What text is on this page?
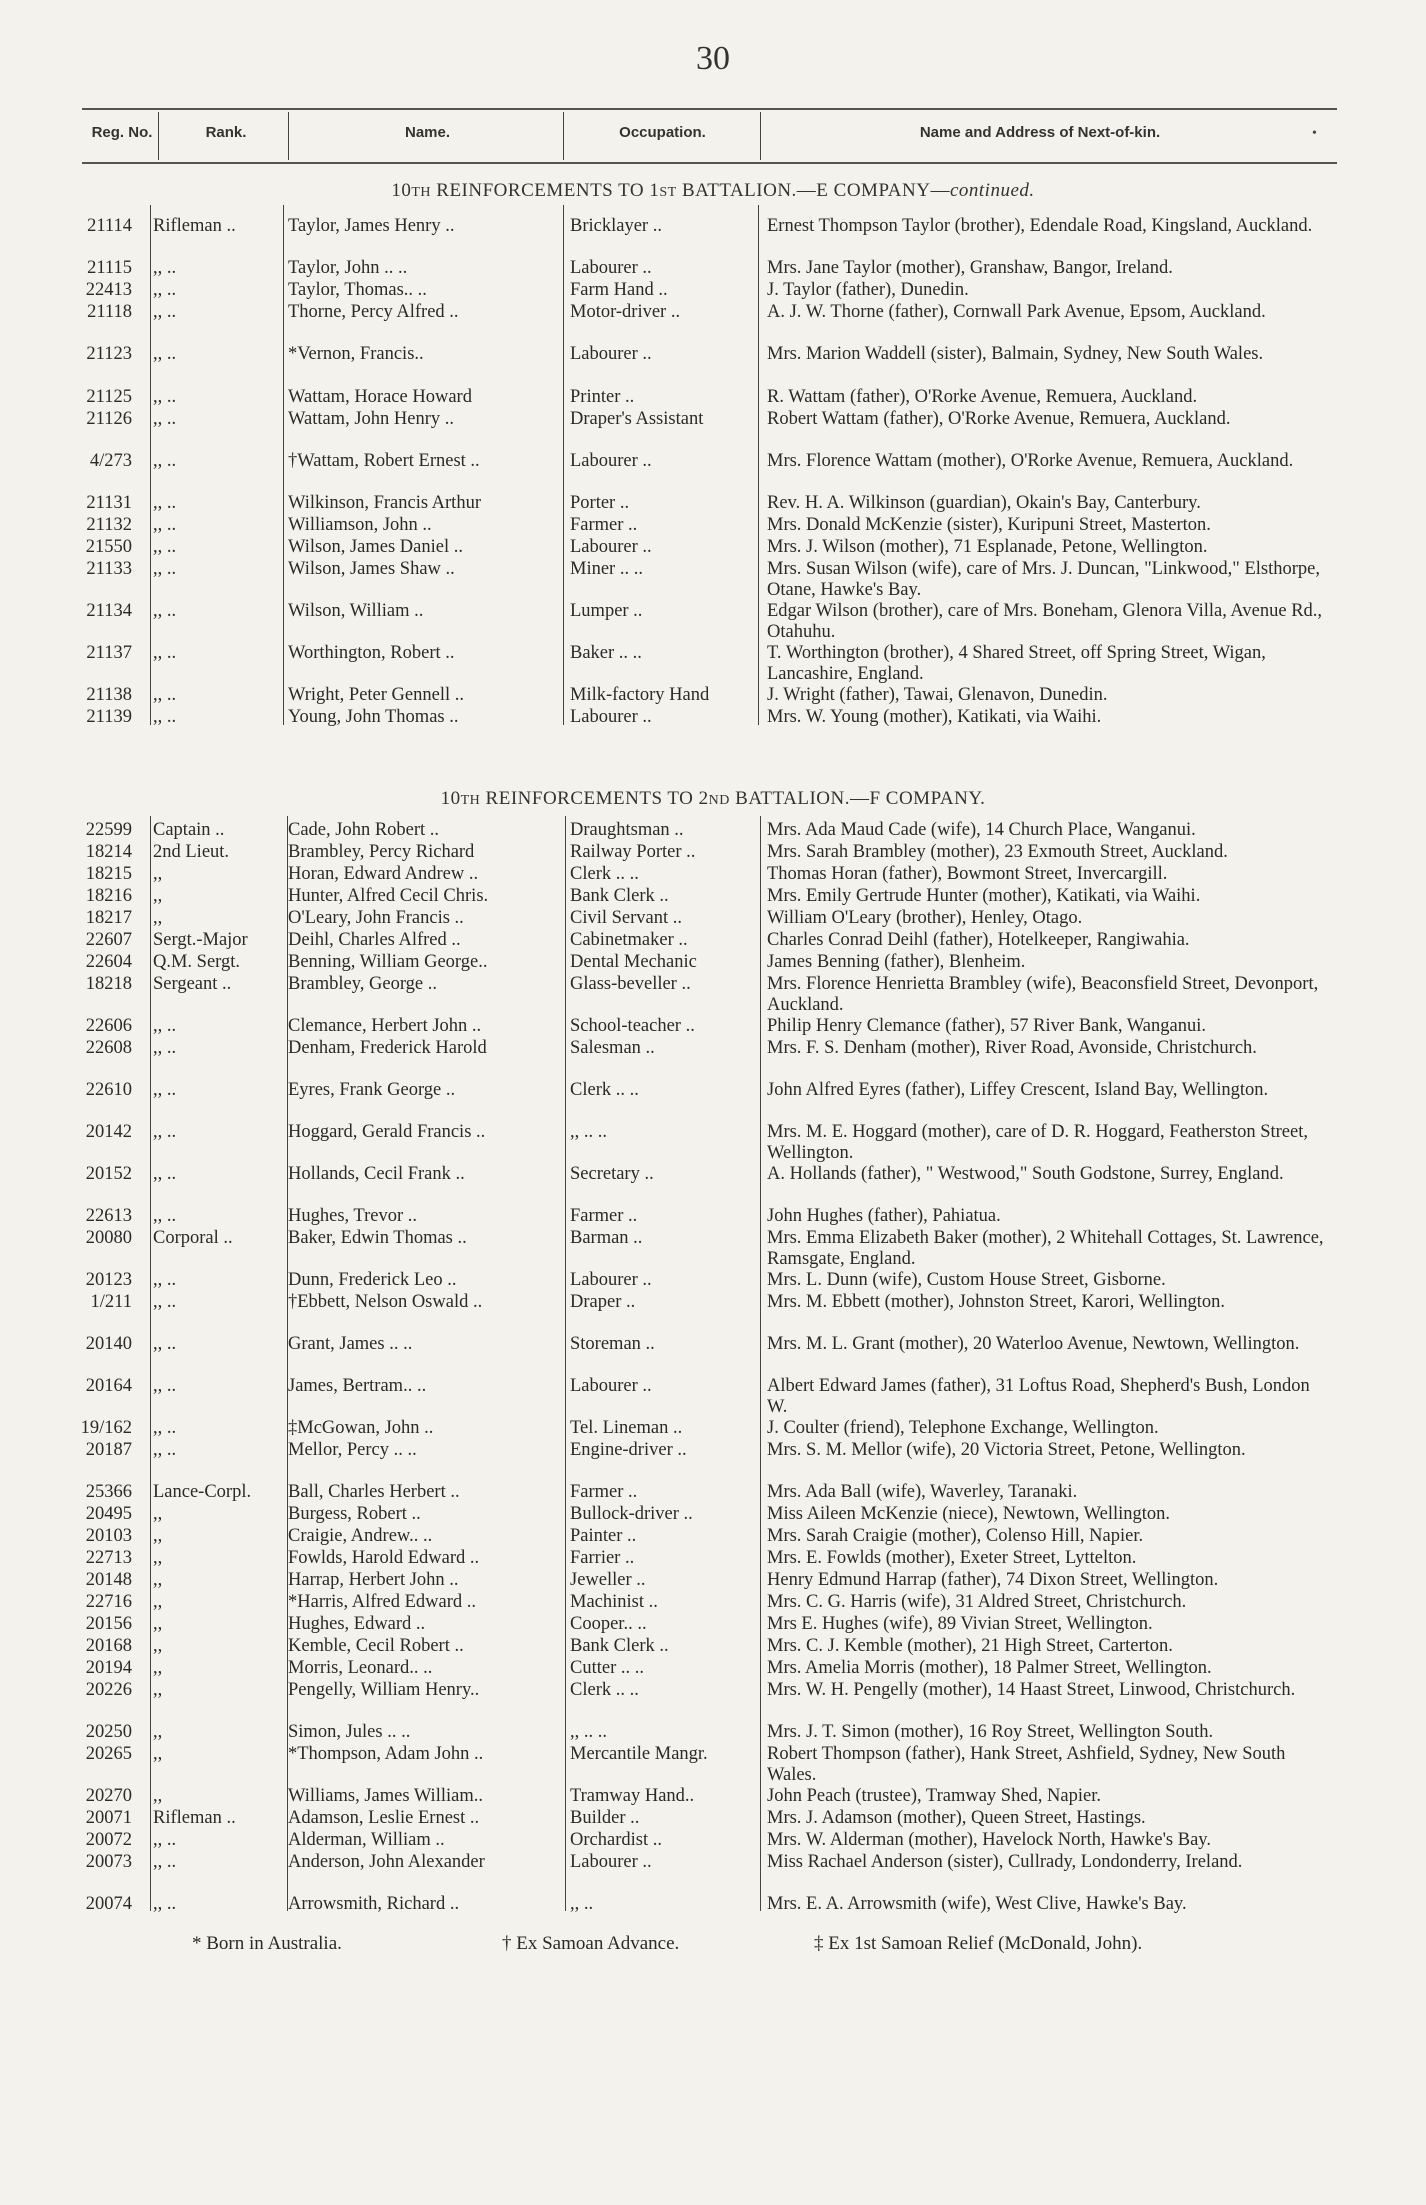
30
Reg. No.	Rank.	Name.	Occupation.	Name and Address of Next-of-kin.	•
10TH REINFORCEMENTS TO 1ST BATTALION.—E COMPANY—continued.
21114 Rifleman ..	Taylor, James Henry ..	Bricklayer ..	Ernest Thompson Taylor (brother), Edendale Road, Kingsland, Auckland.
21115 ,, ..	Taylor, John .. ..	Labourer ..	Mrs. Jane Taylor (mother), Granshaw, Bangor, Ireland.
22413 ,, ..	Taylor, Thomas.. ..	Farm Hand ..	J. Taylor (father), Dunedin.
21118 ,, ..	Thorne, Percy Alfred ..	Motor-driver ..	A. J. W. Thorne (father), Cornwall Park Avenue, Epsom, Auckland.
21123 ,, ..	*Vernon, Francis..	Labourer ..	Mrs. Marion Waddell (sister), Balmain, Sydney, New South Wales.
21125 ,, ..	Wattam, Horace Howard	Printer ..	R. Wattam (father), O'Rorke Avenue, Remuera, Auckland.
21126 ,, ..	Wattam, John Henry ..	Draper's Assistant	Robert Wattam (father), O'Rorke Avenue, Remuera, Auckland.
4/273 ,, ..	†Wattam, Robert Ernest ..	Labourer ..	Mrs. Florence Wattam (mother), O'Rorke Avenue, Remuera, Auckland.
21131 ,, ..	Wilkinson, Francis Arthur	Porter ..	Rev. H. A. Wilkinson (guardian), Okain's Bay, Canterbury.
21132 ,, ..	Williamson, John ..	Farmer ..	Mrs. Donald McKenzie (sister), Kuripuni Street, Masterton.
21550 ,, ..	Wilson, James Daniel ..	Labourer ..	Mrs. J. Wilson (mother), 71 Esplanade, Petone, Wellington.
21133 ,, ..	Wilson, James Shaw ..	Miner .. ..	Mrs. Susan Wilson (wife), care of Mrs. J. Duncan, "Linkwood," Elsthorpe, Otane, Hawke's Bay.
21134 ,, ..	Wilson, William ..	Lumper ..	Edgar Wilson (brother), care of Mrs. Boneham, Glenora Villa, Avenue Rd., Otahuhu.
21137 ,, ..	Worthington, Robert ..	Baker .. ..	T. Worthington (brother), 4 Shared Street, off Spring Street, Wigan, Lancashire, England.
21138 ,, ..	Wright, Peter Gennell ..	Milk-factory Hand	J. Wright (father), Tawai, Glenavon, Dunedin.
21139 ,, ..	Young, John Thomas ..	Labourer ..	Mrs. W. Young (mother), Katikati, via Waihi.
10TH REINFORCEMENTS TO 2ND BATTALION.—F COMPANY.
22599 Captain ..	Cade, John Robert ..	Draughtsman ..	Mrs. Ada Maud Cade (wife), 14 Church Place, Wanganui.
18214 2nd Lieut.	Brambley, Percy Richard	Railway Porter ..	Mrs. Sarah Brambley (mother), 23 Exmouth Street, Auckland.
18215 ,,	Horan, Edward Andrew ..	Clerk .. ..	Thomas Horan (father), Bowmont Street, Invercargill.
18216 ,,	Hunter, Alfred Cecil Chris.	Bank Clerk ..	Mrs. Emily Gertrude Hunter (mother), Katikati, via Waihi.
18217 ,,	O'Leary, John Francis ..	Civil Servant ..	William O'Leary (brother), Henley, Otago.
22607 Sergt.-Major	Deihl, Charles Alfred ..	Cabinetmaker ..	Charles Conrad Deihl (father), Hotelkeeper, Rangiwahia.
22604 Q.M. Sergt.	Benning, William George..	Dental Mechanic	James Benning (father), Blenheim.
18218 Sergeant ..	Brambley, George ..	Glass-beveller ..	Mrs. Florence Henrietta Brambley (wife), Beaconsfield Street, Devonport, Auckland.
22606 ,, ..	Clemance, Herbert John ..	School-teacher ..	Philip Henry Clemance (father), 57 River Bank, Wanganui.
22608 ,, ..	Denham, Frederick Harold	Salesman ..	Mrs. F. S. Denham (mother), River Road, Avonside, Christchurch.
22610 ,, ..	Eyres, Frank George ..	Clerk .. ..	John Alfred Eyres (father), Liffey Crescent, Island Bay, Wellington.
20142 ,, ..	Hoggard, Gerald Francis ..	,, .. ..	Mrs. M. E. Hoggard (mother), care of D. R. Hoggard, Featherston Street, Wellington.
20152 ,, ..	Hollands, Cecil Frank ..	Secretary ..	A. Hollands (father), " Westwood," South Godstone, Surrey, England.
22613 ,, ..	Hughes, Trevor ..	Farmer ..	John Hughes (father), Pahiatua.
20080 Corporal ..	Baker, Edwin Thomas ..	Barman ..	Mrs. Emma Elizabeth Baker (mother), 2 Whitehall Cottages, St. Lawrence, Ramsgate, England.
20123 ,, ..	Dunn, Frederick Leo ..	Labourer ..	Mrs. L. Dunn (wife), Custom House Street, Gisborne.
1/211 ,, ..	†Ebbett, Nelson Oswald ..	Draper ..	Mrs. M. Ebbett (mother), Johnston Street, Karori, Wellington.
20140 ,, ..	Grant, James .. ..	Storeman ..	Mrs. M. L. Grant (mother), 20 Waterloo Avenue, Newtown, Wellington.
20164 ,, ..	James, Bertram.. ..	Labourer ..	Albert Edward James (father), 31 Loftus Road, Shepherd's Bush, London W.
19/162 ,, ..	‡McGowan, John ..	Tel. Lineman ..	J. Coulter (friend), Telephone Exchange, Wellington.
20187 ,, ..	Mellor, Percy .. ..	Engine-driver ..	Mrs. S. M. Mellor (wife), 20 Victoria Street, Petone, Wellington.
25366 Lance-Corpl.	Ball, Charles Herbert ..	Farmer ..	Mrs. Ada Ball (wife), Waverley, Taranaki.
20495 ,,	Burgess, Robert ..	Bullock-driver ..	Miss Aileen McKenzie (niece), Newtown, Wellington.
20103 ,,	Craigie, Andrew.. ..	Painter ..	Mrs. Sarah Craigie (mother), Colenso Hill, Napier.
22713 ,,	Fowlds, Harold Edward ..	Farrier ..	Mrs. E. Fowlds (mother), Exeter Street, Lyttelton.
20148 ,,	Harrap, Herbert John ..	Jeweller ..	Henry Edmund Harrap (father), 74 Dixon Street, Wellington.
22716 ,,	*Harris, Alfred Edward ..	Machinist ..	Mrs. C. G. Harris (wife), 31 Aldred Street, Christchurch.
20156 ,,	Hughes, Edward ..	Cooper.. ..	Mrs E. Hughes (wife), 89 Vivian Street, Wellington.
20168 ,,	Kemble, Cecil Robert ..	Bank Clerk ..	Mrs. C. J. Kemble (mother), 21 High Street, Carterton.
20194 ,,	Morris, Leonard.. ..	Cutter .. ..	Mrs. Amelia Morris (mother), 18 Palmer Street, Wellington.
20226 ,,	Pengelly, William Henry..	Clerk .. ..	Mrs. W. H. Pengelly (mother), 14 Haast Street, Linwood, Christchurch.
20250 ,,	Simon, Jules .. ..	,, .. ..	Mrs. J. T. Simon (mother), 16 Roy Street, Wellington South.
20265 ,,	*Thompson, Adam John ..	Mercantile Mangr.	Robert Thompson (father), Hank Street, Ashfield, Sydney, New South Wales.
20270 ,,	Williams, James William..	Tramway Hand..	John Peach (trustee), Tramway Shed, Napier.
20071 Rifleman ..	Adamson, Leslie Ernest ..	Builder ..	Mrs. J. Adamson (mother), Queen Street, Hastings.
20072 ,, ..	Alderman, William ..	Orchardist ..	Mrs. W. Alderman (mother), Havelock North, Hawke's Bay.
20073 ,, ..	Anderson, John Alexander	Labourer ..	Miss Rachael Anderson (sister), Cullrady, Londonderry, Ireland.
20074 ,, ..	Arrowsmith, Richard ..	,, ..	Mrs. E. A. Arrowsmith (wife), West Clive, Hawke's Bay.
* Born in Australia.	† Ex Samoan Advance.	‡ Ex 1st Samoan Relief (McDonald, John).
